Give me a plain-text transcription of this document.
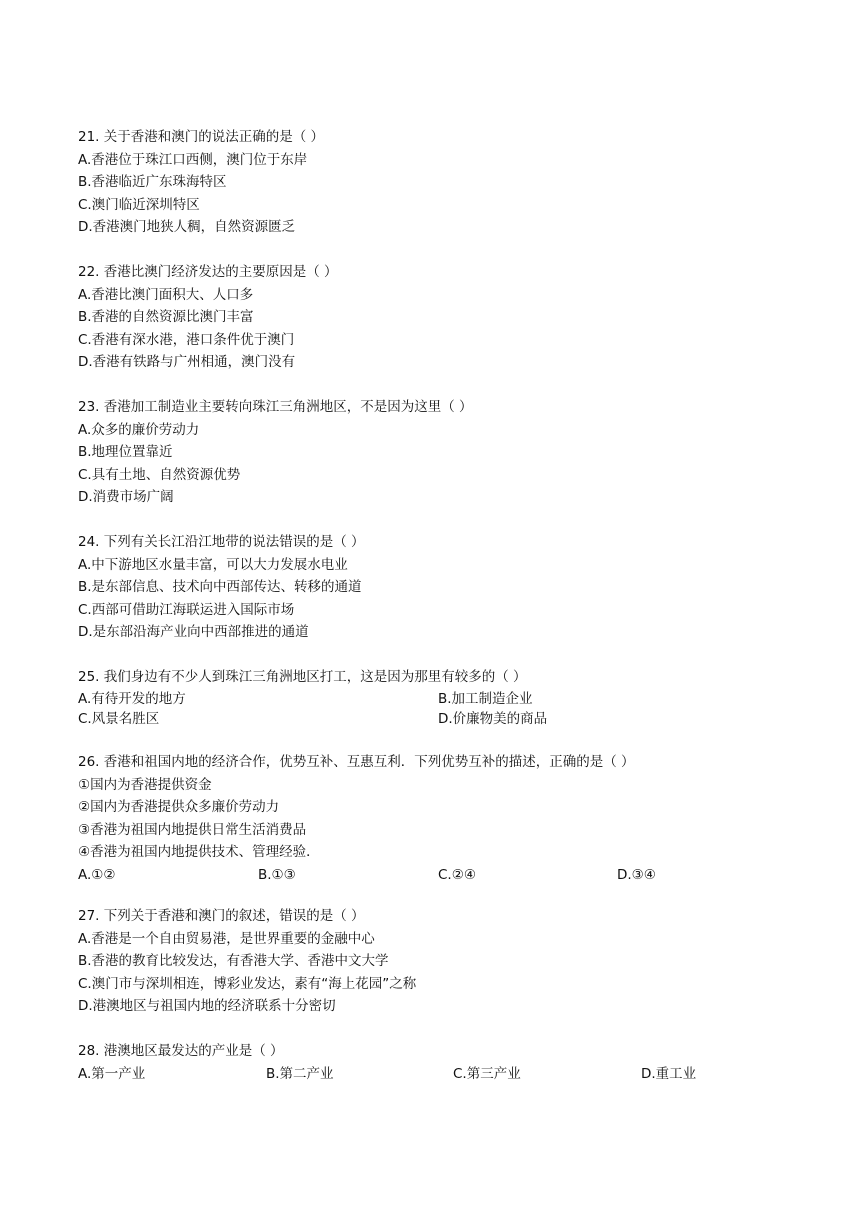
21. 关于香港和澳门的说法正确的是（ ）
A.香港位于珠江口西侧，澳门位于东岸
B.香港临近广东珠海特区
C.澳门临近深圳特区
D.香港澳门地狭人稠，自然资源匮乏
22. 香港比澳门经济发达的主要原因是（ ）
A.香港比澳门面积大、人口多
B.香港的自然资源比澳门丰富
C.香港有深水港，港口条件优于澳门
D.香港有铁路与广州相通，澳门没有
23. 香港加工制造业主要转向珠江三角洲地区，不是因为这里（ ）
A.众多的廉价劳动力
B.地理位置靠近
C.具有土地、自然资源优势
D.消费市场广阔
24. 下列有关长江沿江地带的说法错误的是（ ）
A.中下游地区水量丰富，可以大力发展水电业
B.是东部信息、技术向中西部传达、转移的通道
C.西部可借助江海联运进入国际市场
D.是东部沿海产业向中西部推进的通道
25. 我们身边有不少人到珠江三角洲地区打工，这是因为那里有较多的（ ）
A.有待开发的地方	B.加工制造企业
C.风景名胜区	D.价廉物美的商品
26. 香港和祖国内地的经济合作，优势互补、互惠互利．下列优势互补的描述，正确的是（ ）
①国内为香港提供资金
②国内为香港提供众多廉价劳动力
③香港为祖国内地提供日常生活消费品
④香港为祖国内地提供技术、管理经验．
A.①②	B.①③	C.②④	D.③④
27. 下列关于香港和澳门的叙述，错误的是（ ）
A.香港是一个自由贸易港，是世界重要的金融中心
B.香港的教育比较发达，有香港大学、香港中文大学
C.澳门市与深圳相连，博彩业发达，素有“海上花园”之称
D.港澳地区与祖国内地的经济联系十分密切
28. 港澳地区最发达的产业是（ ）
A.第一产业	B.第二产业	C.第三产业	D.重工业
